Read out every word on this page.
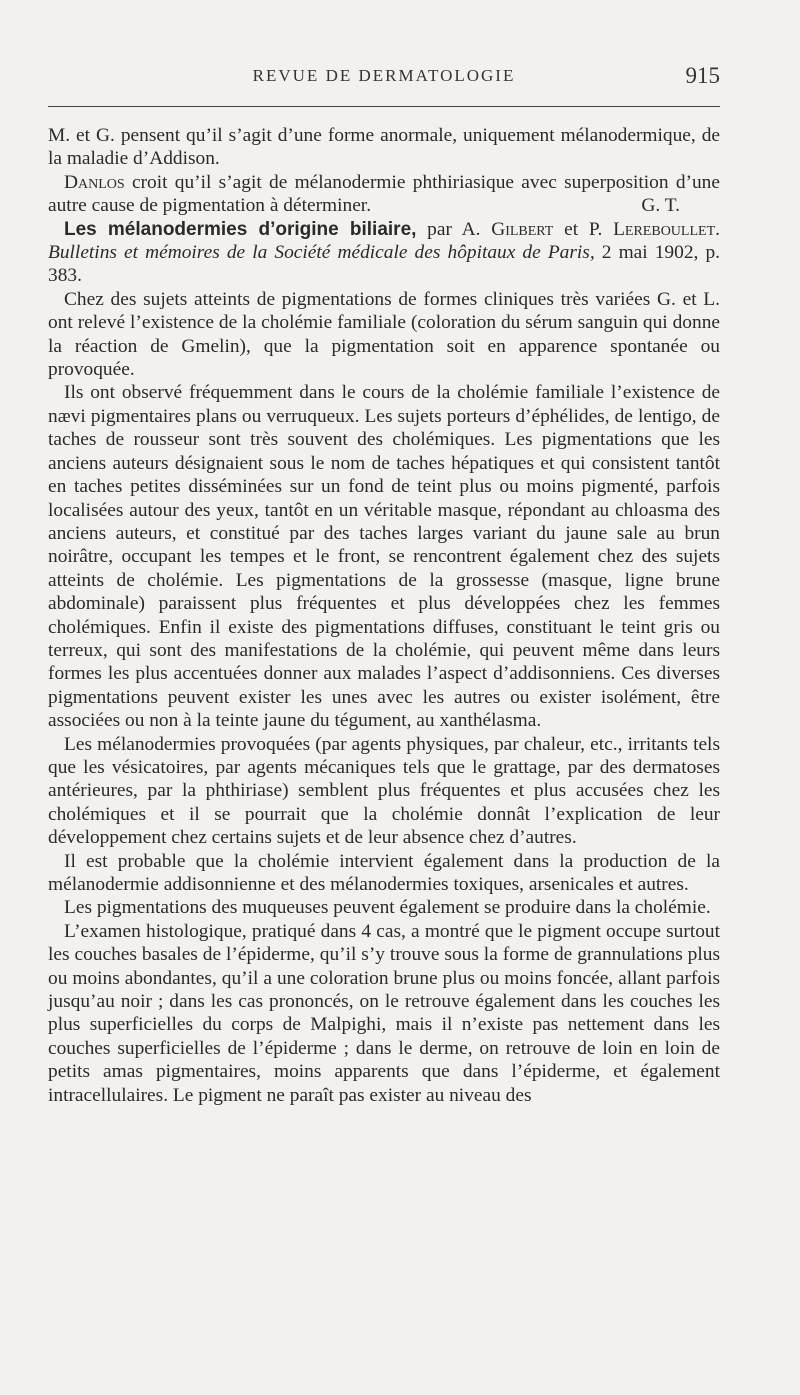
REVUE DE DERMATOLOGIE	915

M. et G. pensent qu’il s’agit d’une forme anormale, uniquement mélanodermique, de la maladie d’Addison.

Danlos croit qu’il s’agit de mélanodermie phthiriasique avec superposition d’une autre cause de pigmentation à déterminer.	G. T.

Les mélanodermies d’origine biliaire, par A. Gilbert et P. Lereboullet. Bulletins et mémoires de la Société médicale des hôpitaux de Paris, 2 mai 1902, p. 383.

Chez des sujets atteints de pigmentations de formes cliniques très variées G. et L. ont relevé l’existence de la cholémie familiale (coloration du sérum sanguin qui donne la réaction de Gmelin), que la pigmentation soit en apparence spontanée ou provoquée.

Ils ont observé fréquemment dans le cours de la cholémie familiale l’existence de nævi pigmentaires plans ou verruqueux. Les sujets porteurs d’éphélides, de lentigo, de taches de rousseur sont très souvent des cholémiques. Les pigmentations que les anciens auteurs désignaient sous le nom de taches hépatiques et qui consistent tantôt en taches petites disséminées sur un fond de teint plus ou moins pigmenté, parfois localisées autour des yeux, tantôt en un véritable masque, répondant au chloasma des anciens auteurs, et constitué par des taches larges variant du jaune sale au brun noirâtre, occupant les tempes et le front, se rencontrent également chez des sujets atteints de cholémie. Les pigmentations de la grossesse (masque, ligne brune abdominale) paraissent plus fréquentes et plus développées chez les femmes cholémiques. Enfin il existe des pigmentations diffuses, constituant le teint gris ou terreux, qui sont des manifestations de la cholémie, qui peuvent même dans leurs formes les plus accentuées donner aux malades l’aspect d’addisonniens. Ces diverses pigmentations peuvent exister les unes avec les autres ou exister isolément, être associées ou non à la teinte jaune du tégument, au xanthélasma.

Les mélanodermies provoquées (par agents physiques, par chaleur, etc., irritants tels que les vésicatoires, par agents mécaniques tels que le grattage, par des dermatoses antérieures, par la phthiriase) semblent plus fréquentes et plus accusées chez les cholémiques et il se pourrait que la cholémie donnât l’explication de leur développement chez certains sujets et de leur absence chez d’autres.

Il est probable que la cholémie intervient également dans la production de la mélanodermie addisonnienne et des mélanodermies toxiques, arsenicales et autres.

Les pigmentations des muqueuses peuvent également se produire dans la cholémie.

L’examen histologique, pratiqué dans 4 cas, a montré que le pigment occupe surtout les couches basales de l’épiderme, qu’il s’y trouve sous la forme de grannulations plus ou moins abondantes, qu’il a une coloration brune plus ou moins foncée, allant parfois jusqu’au noir ; dans les cas prononcés, on le retrouve également dans les couches les plus superficielles du corps de Malpighi, mais il n’existe pas nettement dans les couches superficielles de l’épiderme ; dans le derme, on retrouve de loin en loin de petits amas pigmentaires, moins apparents que dans l’épiderme, et également intracellulaires. Le pigment ne paraît pas exister au niveau des
